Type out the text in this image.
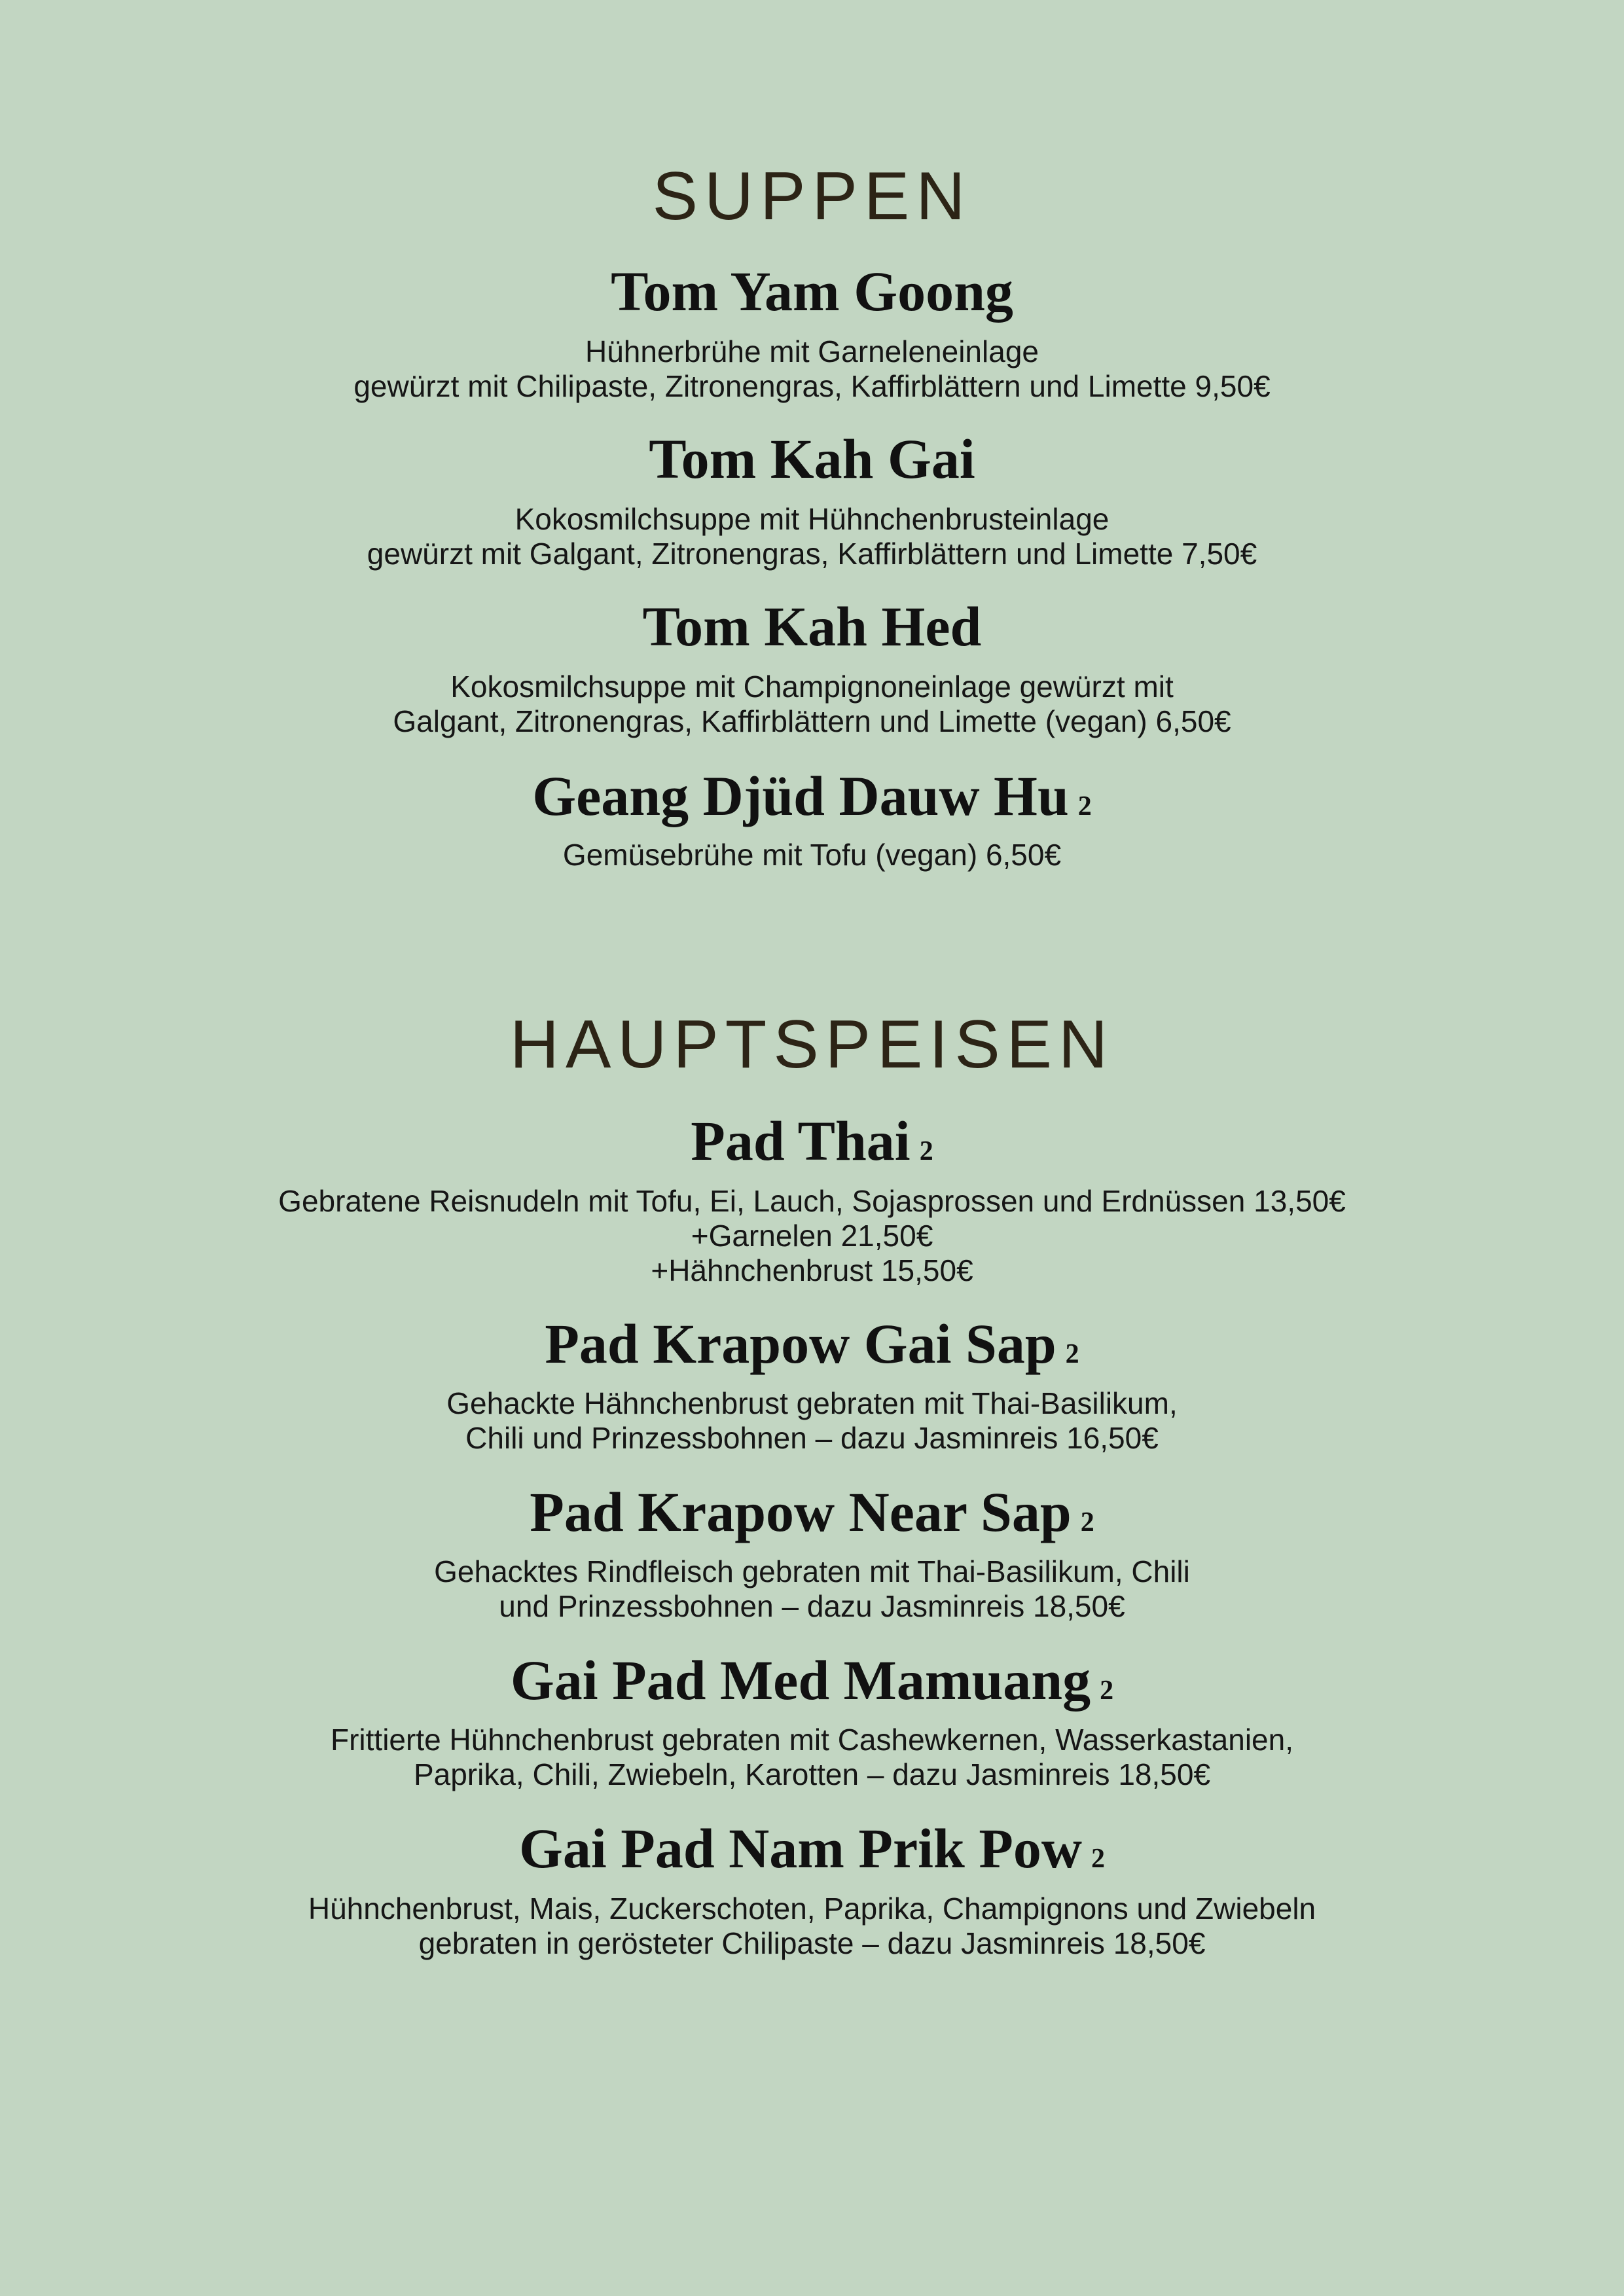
SUPPEN
Tom Yam Goong

Hühnerbrühe mit Garneleneinlage
gewürzt mit Chilipaste, Zitronengras, Kaffirblättern und Limette 9,50€

Tom Kah Gai

Kokosmilchsuppe mit Hühnchenbrusteinlage
gewürzt mit Galgant, Zitronengras, Kaffirblättern und Limette 7,50€

Tom Kah Hed

Kokosmilchsuppe mit Champignoneinlage gewürzt mit
Galgant, Zitronengras, Kaffirblättern und Limette (vegan) 6,50€

Geang Djüd Dauw Hu 2

Gemüsebrühe mit Tofu (vegan) 6,50€

HAUPTSPEISEN
Pad Thai 2

Gebratene Reisnudeln mit Tofu, Ei, Lauch, Sojasprossen und Erdnüssen 13,50€
+Garnelen 21,50€
+Hähnchenbrust 15,50€

Pad Krapow Gai Sap 2

Gehackte Hähnchenbrust gebraten mit Thai-Basilikum,
Chili und Prinzessbohnen – dazu Jasminreis 16,50€

Pad Krapow Near Sap 2

Gehacktes Rindfleisch gebraten mit Thai-Basilikum, Chili
und Prinzessbohnen – dazu Jasminreis 18,50€

Gai Pad Med Mamuang 2

Frittierte Hühnchenbrust gebraten mit Cashewkernen, Wasserkastanien,
Paprika, Chili, Zwiebeln, Karotten – dazu Jasminreis 18,50€

Gai Pad Nam Prik Pow 2

Hühnchenbrust, Mais, Zuckerschoten, Paprika, Champignons und Zwiebeln
gebraten in gerösteter Chilipaste – dazu Jasminreis 18,50€
